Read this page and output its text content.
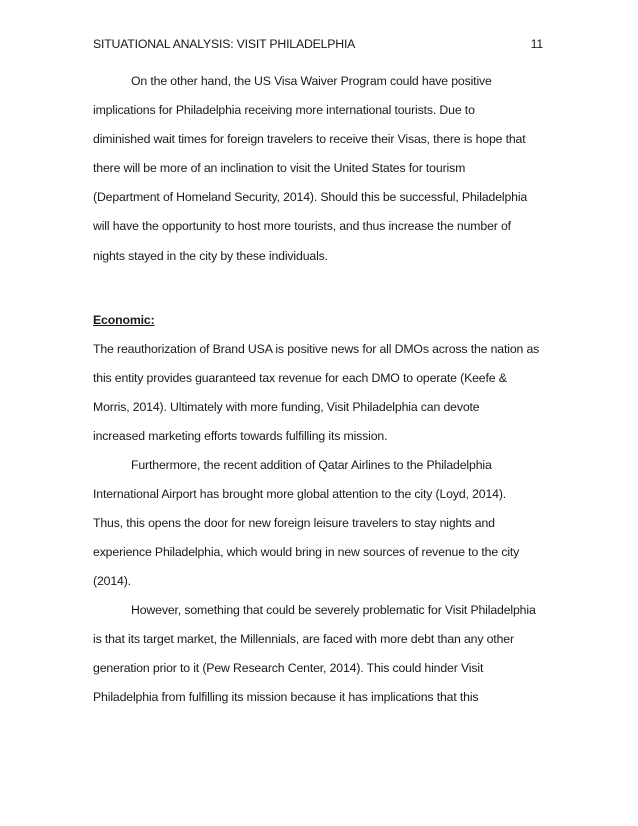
SITUATIONAL ANALYSIS: VISIT PHILADELPHIA	11
On the other hand, the US Visa Waiver Program could have positive
implications for Philadelphia receiving more international tourists. Due to
diminished wait times for foreign travelers to receive their Visas, there is hope that
there will be more of an inclination to visit the United States for tourism
(Department of Homeland Security, 2014). Should this be successful, Philadelphia
will have the opportunity to host more tourists, and thus increase the number of
nights stayed in the city by these individuals.
Economic:
The reauthorization of Brand USA is positive news for all DMOs across the nation as
this entity provides guaranteed tax revenue for each DMO to operate (Keefe &
Morris, 2014). Ultimately with more funding, Visit Philadelphia can devote
increased marketing efforts towards fulfilling its mission.
Furthermore, the recent addition of Qatar Airlines to the Philadelphia
International Airport has brought more global attention to the city (Loyd, 2014).
Thus, this opens the door for new foreign leisure travelers to stay nights and
experience Philadelphia, which would bring in new sources of revenue to the city
(2014).
However, something that could be severely problematic for Visit Philadelphia
is that its target market, the Millennials, are faced with more debt than any other
generation prior to it (Pew Research Center, 2014). This could hinder Visit
Philadelphia from fulfilling its mission because it has implications that this
